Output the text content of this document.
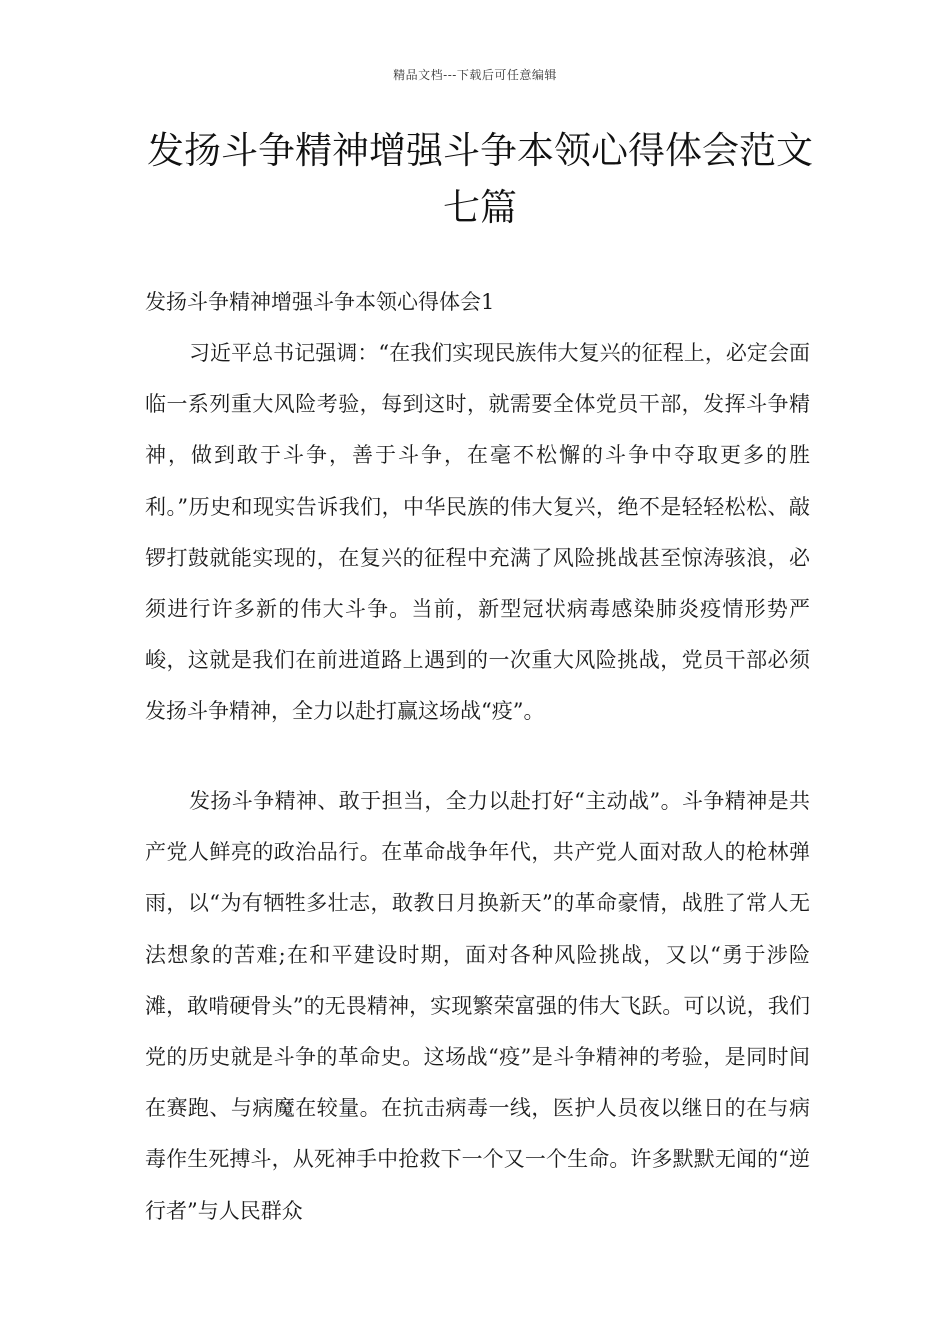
精品文档---下载后可任意编辑
发扬斗争精神增强斗争本领心得体会范文七篇
发扬斗争精神增强斗争本领心得体会1

习近平总书记强调：“在我们实现民族伟大复兴的征程上，必定会面临一系列重大风险考验，每到这时，就需要全体党员干部，发挥斗争精神，做到敢于斗争，善于斗争，在毫不松懈的斗争中夺取更多的胜利。”历史和现实告诉我们，中华民族的伟大复兴，绝不是轻轻松松、敲锣打鼓就能实现的，在复兴的征程中充满了风险挑战甚至惊涛骇浪，必须进行许多新的伟大斗争。当前，新型冠状病毒感染肺炎疫情形势严峻，这就是我们在前进道路上遇到的一次重大风险挑战，党员干部必须发扬斗争精神，全力以赴打赢这场战“疫”。

发扬斗争精神、敢于担当，全力以赴打好“主动战”。斗争精神是共产党人鲜亮的政治品行。在革命战争年代，共产党人面对敌人的枪林弹雨，以“为有牺牲多壮志，敢教日月换新天”的革命豪情，战胜了常人无法想象的苦难;在和平建设时期，面对各种风险挑战，又以“勇于涉险滩，敢啃硬骨头”的无畏精神，实现繁荣富强的伟大飞跃。可以说，我们党的历史就是斗争的革命史。这场战“疫”是斗争精神的考验，是同时间在赛跑、与病魔在较量。在抗击病毒一线，医护人员夜以继日的在与病毒作生死搏斗，从死神手中抢救下一个又一个生命。许多默默无闻的“逆行者”与人民群众
